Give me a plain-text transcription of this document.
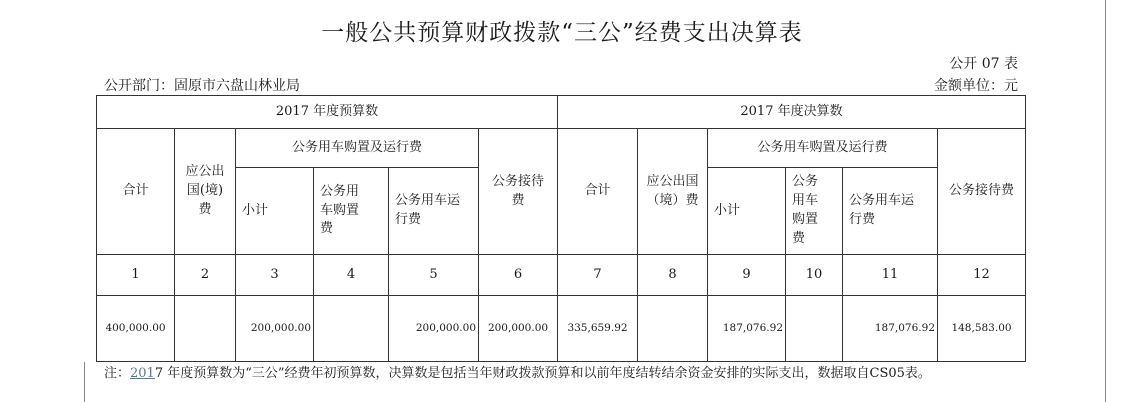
一般公共预算财政拨款“三公”经费支出决算表
公开 07 表
公开部门：固原市六盘山林业局	金额单位：元
2017 年度预算数						2017 年度决算数					
合计	应公出国(境)费	公务用车购置及运行费			公务接待费	合计	应公出国（境）费	公务用车购置及运行费			公务接待费
		小计	公务用车购置费	公务用车运行费				小计	公务用车购置费	公务用车运行费	
1	2	3	4	5	6	7	8	9	10	11	12
400,000.00		200,000.00		200,000.00	200,000.00	335,659.92		187,076.92		187,076.92	148,583.00
注：2017 年度预算数为“三公”经费年初预算数，决算数是包括当年财政拨款预算和以前年度结转结余资金安排的实际支出，数据取自CS05表。
